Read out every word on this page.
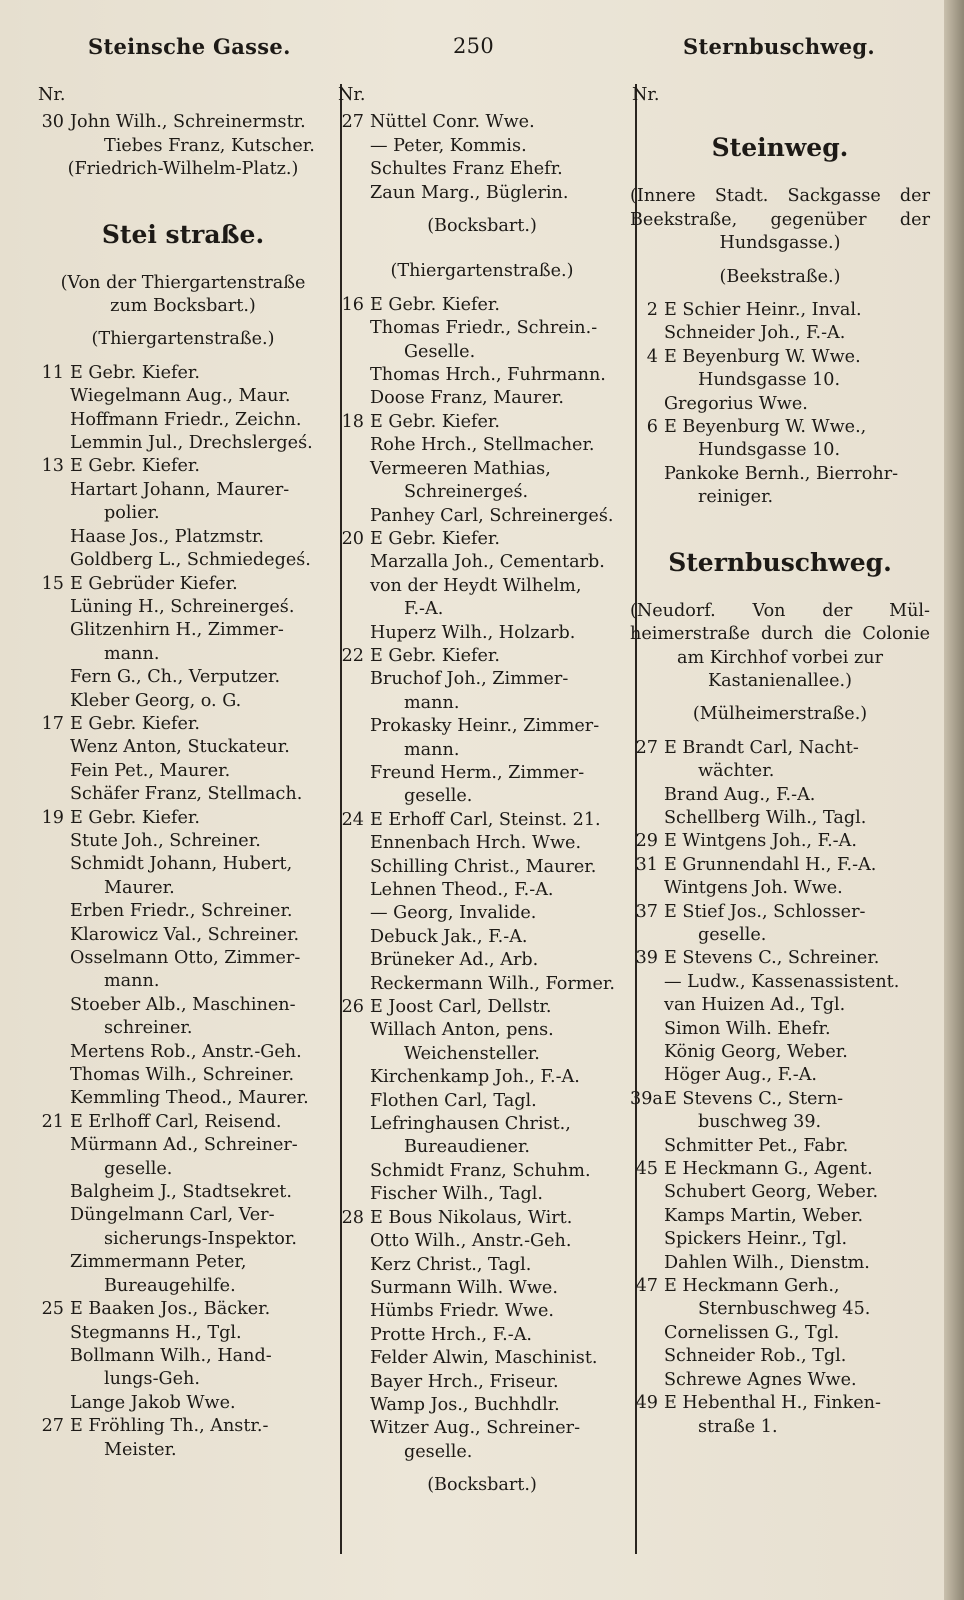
Steinsche Gasse.	250	Sternbuschweg.
Nr.
30 John Wilh., Schreinermstr.
Tiebes Franz, Kutscher.
(Friedrich-Wilhelm-Platz.)
Stei straße.
(Von der Thiergartenstraße
zum Bocksbart.)
(Thiergartenstraße.)
11 E Gebr. Kiefer.
Wiegelmann Aug., Maur.
Hoffmann Friedr., Zeichn.
Lemmin Jul., Drechslergeś.
13 E Gebr. Kiefer.
Hartart Johann, Maurer-
polier.
Haase Jos., Platzmstr.
Goldberg L., Schmiedegeś.
15 E Gebrüder Kiefer.
Lüning H., Schreinergeś.
Glitzenhirn H., Zimmer-
mann.
Fern G., Ch., Verputzer.
Kleber Georg, o. G.
17 E Gebr. Kiefer.
Wenz Anton, Stuckateur.
Fein Pet., Maurer.
Schäfer Franz, Stellmach.
19 E Gebr. Kiefer.
Stute Joh., Schreiner.
Schmidt Johann, Hubert,
Maurer.
Erben Friedr., Schreiner.
Klarowicz Val., Schreiner.
Osselmann Otto, Zimmer-
mann.
Stoeber Alb., Maschinen-
schreiner.
Mertens Rob., Anstr.-Geh.
Thomas Wilh., Schreiner.
Kemmling Theod., Maurer.
21 E Erlhoff Carl, Reisend.
Mürmann Ad., Schreiner-
geselle.
Balgheim J., Stadtsekret.
Düngelmann Carl, Ver-
sicherungs-Inspektor.
Zimmermann Peter,
Bureaugehilfe.
25 E Baaken Jos., Bäcker.
Stegmanns H., Tgl.
Bollmann Wilh., Hand-
lungs-Geh.
Lange Jakob Wwe.
27 E Fröhling Th., Anstr.-
Meister.
Nr.
27 Nüttel Conr. Wwe.
— Peter, Kommis.
Schultes Franz Ehefr.
Zaun Marg., Büglerin.
(Bocksbart.)
(Thiergartenstraße.)
16 E Gebr. Kiefer.
Thomas Friedr., Schrein.-
Geselle.
Thomas Hrch., Fuhrmann.
Doose Franz, Maurer.
18 E Gebr. Kiefer.
Rohe Hrch., Stellmacher.
Vermeeren Mathias,
Schreinergeś.
Panhey Carl, Schreinergeś.
20 E Gebr. Kiefer.
Marzalla Joh., Cementarb.
von der Heydt Wilhelm,
F.-A.
Huperz Wilh., Holzarb.
22 E Gebr. Kiefer.
Bruchof Joh., Zimmer-
mann.
Prokasky Heinr., Zimmer-
mann.
Freund Herm., Zimmer-
geselle.
24 E Erhoff Carl, Steinst. 21.
Ennenbach Hrch. Wwe.
Schilling Christ., Maurer.
Lehnen Theod., F.-A.
— Georg, Invalide.
Debuck Jak., F.-A.
Brüneker Ad., Arb.
Reckermann Wilh., Former.
26 E Joost Carl, Dellstr.
Willach Anton, pens.
Weichensteller.
Kirchenkamp Joh., F.-A.
Flothen Carl, Tagl.
Lefringhausen Christ.,
Bureaudiener.
Schmidt Franz, Schuhm.
Fischer Wilh., Tagl.
28 E Bous Nikolaus, Wirt.
Otto Wilh., Anstr.-Geh.
Kerz Christ., Tagl.
Surmann Wilh. Wwe.
Hümbs Friedr. Wwe.
Protte Hrch., F.-A.
Felder Alwin, Maschinist.
Bayer Hrch., Friseur.
Wamp Jos., Buchhdlr.
Witzer Aug., Schreiner-
geselle.
(Bocksbart.)
Nr.
Steinweg.
(Innere Stadt. Sackgasse der
Beekstraße, gegenüber der
Hundsgasse.)
(Beekstraße.)
2 E Schier Heinr., Inval.
Schneider Joh., F.-A.
4 E Beyenburg W. Wwe.
Hundsgasse 10.
Gregorius Wwe.
6 E Beyenburg W. Wwe.,
Hundsgasse 10.
Pankoke Bernh., Bierrohr-
reiniger.
Sternbuschweg.
(Neudorf. Von der Mül-
heimerstraße durch die Colonie
am Kirchhof vorbei zur
Kastanienallee.)
(Mülheimerstraße.)
27 E Brandt Carl, Nacht-
wächter.
Brand Aug., F.-A.
Schellberg Wilh., Tagl.
29 E Wintgens Joh., F.-A.
31 E Grunnendahl H., F.-A.
Wintgens Joh. Wwe.
37 E Stief Jos., Schlosser-
geselle.
39 E Stevens C., Schreiner.
— Ludw., Kassenassistent.
van Huizen Ad., Tgl.
Simon Wilh. Ehefr.
König Georg, Weber.
Höger Aug., F.-A.
39a E Stevens C., Stern-
buschweg 39.
Schmitter Pet., Fabr.
45 E Heckmann G., Agent.
Schubert Georg, Weber.
Kamps Martin, Weber.
Spickers Heinr., Tgl.
Dahlen Wilh., Dienstm.
47 E Heckmann Gerh.,
Sternbuschweg 45.
Cornelissen G., Tgl.
Schneider Rob., Tgl.
Schrewe Agnes Wwe.
49 E Hebenthal H., Finken-
straße 1.
